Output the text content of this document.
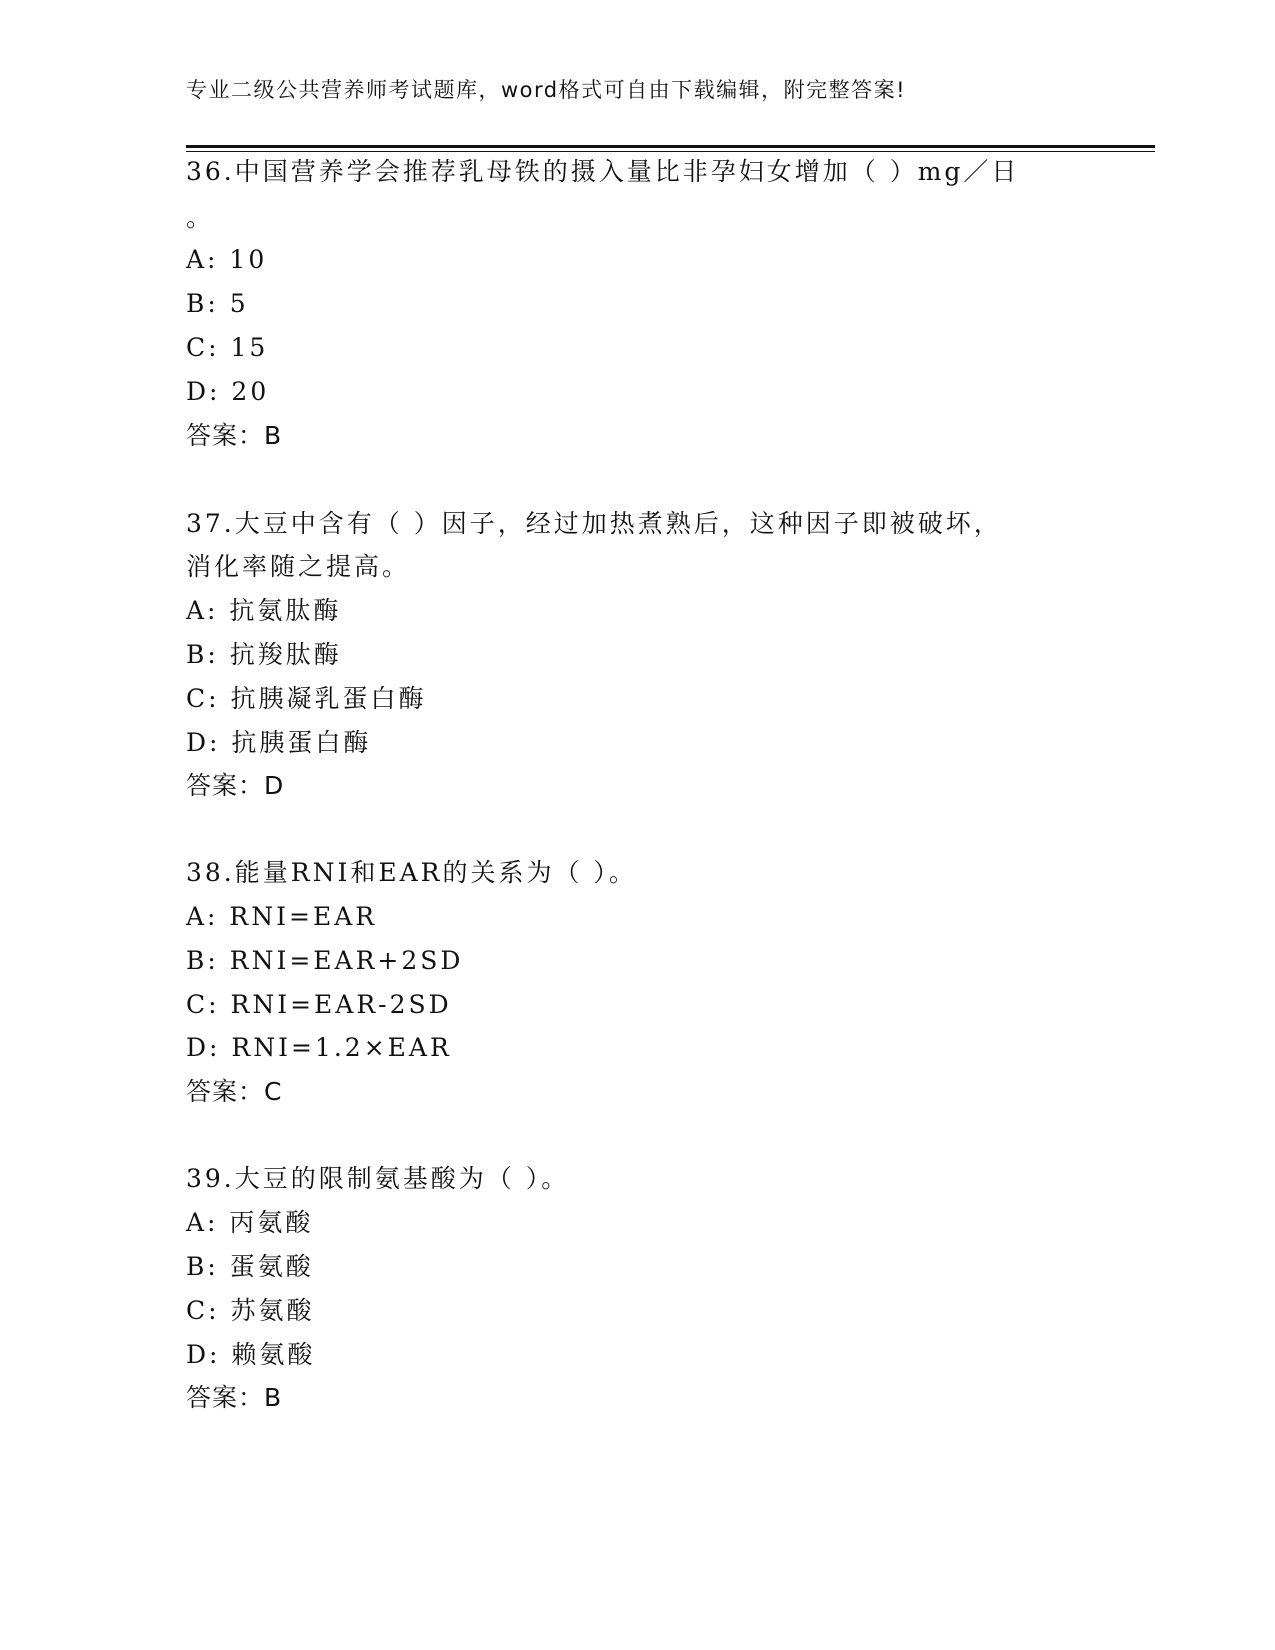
专业二级公共营养师考试题库，word格式可自由下载编辑，附完整答案!
36.中国营养学会推荐乳母铁的摄入量比非孕妇女增加（ ）mg／日
。
A: 10
B: 5
C: 15
D: 20
答案：B
37.大豆中含有（ ）因子，经过加热煮熟后，这种因子即被破坏，
消化率随之提高。
A: 抗氨肽酶
B: 抗羧肽酶
C: 抗胰凝乳蛋白酶
D: 抗胰蛋白酶
答案：D
38.能量RNI和EAR的关系为（ ）。
A: RNI=EAR
B: RNI=EAR+2SD
C: RNI=EAR-2SD
D: RNI=1.2×EAR
答案：C
39.大豆的限制氨基酸为（ ）。
A: 丙氨酸
B: 蛋氨酸
C: 苏氨酸
D: 赖氨酸
答案：B
